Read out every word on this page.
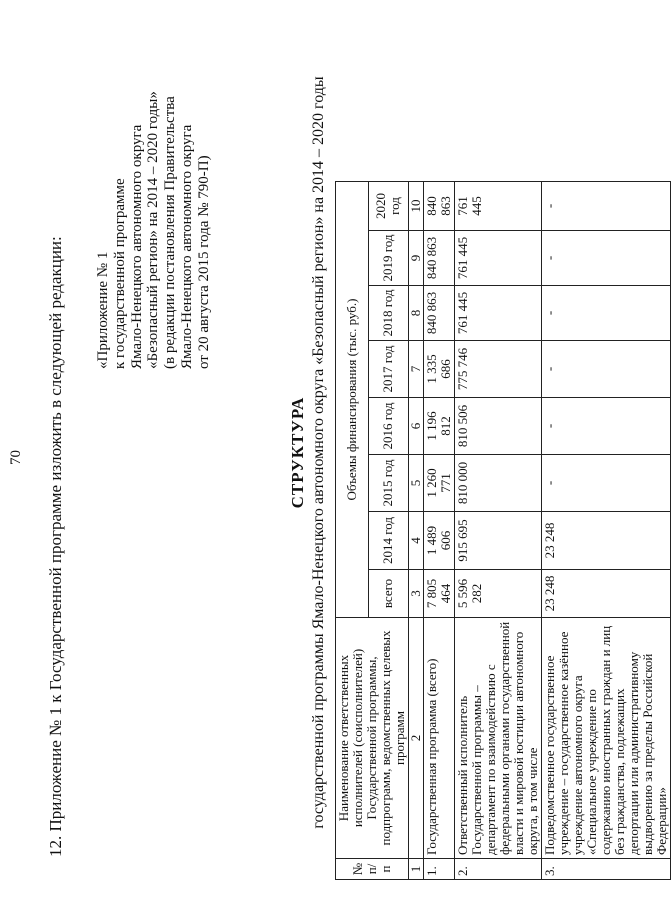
70 12. Приложение № 1 к Государственной программе изложить в следующей редакции: «Приложение № 1 к государственной программе Ямало-Ненецкого автономного округа «Безопасный регион» на 2014 – 2020 годы» (в редакции постановления Правительства Ямало-Ненецкого автономного округа от 20 августа 2015 года № 790-П)
СТРУКТУРА государственной программы Ямало-Ненецкого автономного округа «Безопасный регион» на 2014 – 2020 годы
№ п/п	Наименование ответственных исполнителей (соисполнителей) Государственной программы, подпрограмм, ведомственных целевых программ	Объемы финансирования (тыс. руб.)							
		всего	2014 год	2015 год	2016 год	2017 год	2018 год	2019 год	2020 год
1	2	3	4	5	6	7	8	9	10
1.	Государственная программа (всего)	7 805 464	1 489 606	1 260 771	1 196 812	1 335 686	840 863	840 863	840 863
2.	Ответственный исполнитель Государственной программы – департамент по взаимодействию с федеральными органами государственной власти и мировой юстиции автономного округа, в том числе	5 596 282	915 695	810 000	810 506	775 746	761 445	761 445	761 445
3.	Подведомственное государственное учреждение – государственное казённое учреждение автономного округа «Специальное учреждение по содержанию иностранных граждан и лиц без гражданства, подлежащих депортации или административному выдворению за пределы Российской Федерации»	23 248	23 248	-	-	-	-	-	-
